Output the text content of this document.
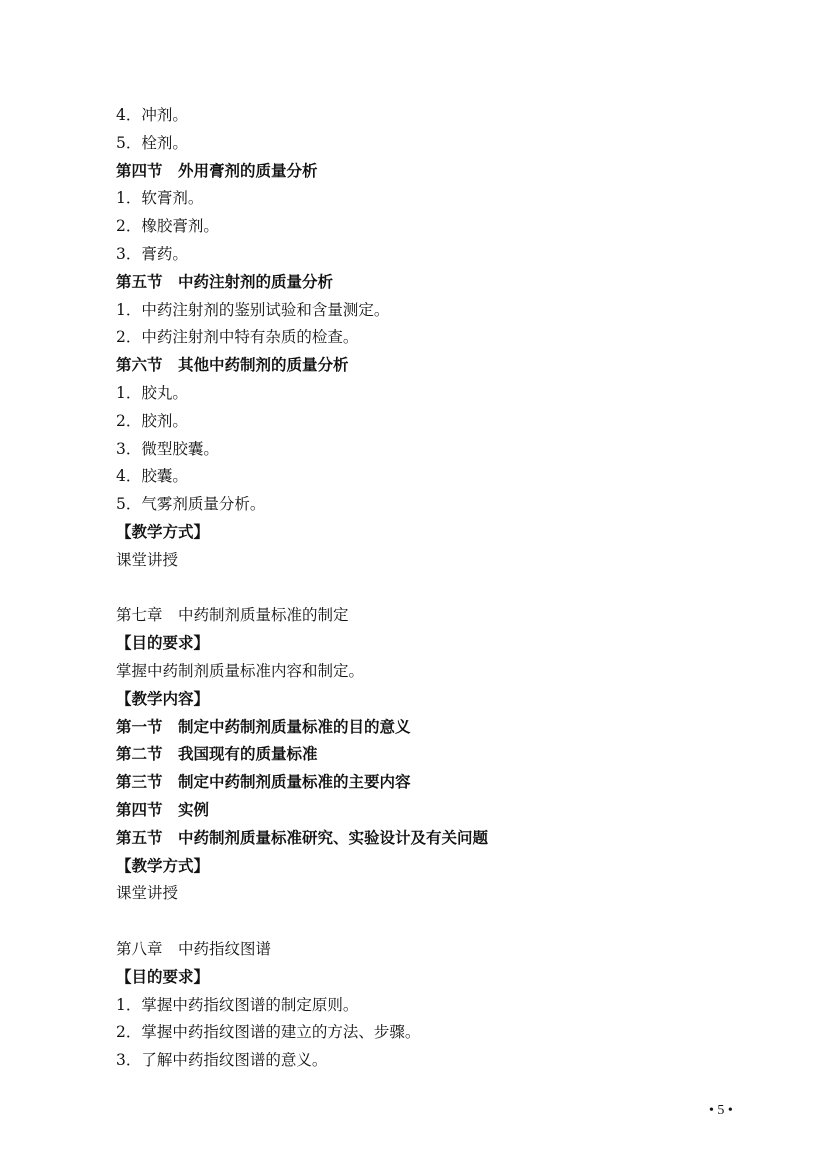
4．冲剂。
5．栓剂。
第四节　外用膏剂的质量分析
1．软膏剂。
2．橡胶膏剂。
3．膏药。
第五节　中药注射剂的质量分析
1．中药注射剂的鉴别试验和含量测定。
2．中药注射剂中特有杂质的检查。
第六节　其他中药制剂的质量分析
1．胶丸。
2．胶剂。
3．微型胶囊。
4．胶囊。
5．气雾剂质量分析。
【教学方式】
课堂讲授
第七章　中药制剂质量标准的制定
【目的要求】
掌握中药制剂质量标准内容和制定。
【教学内容】
第一节　制定中药制剂质量标准的目的意义
第二节　我国现有的质量标准
第三节　制定中药制剂质量标准的主要内容
第四节　实例
第五节　中药制剂质量标准研究、实验设计及有关问题
【教学方式】
课堂讲授
第八章　中药指纹图谱
【目的要求】
1．掌握中药指纹图谱的制定原则。
2．掌握中药指纹图谱的建立的方法、步骤。
3．了解中药指纹图谱的意义。
• 5 •
